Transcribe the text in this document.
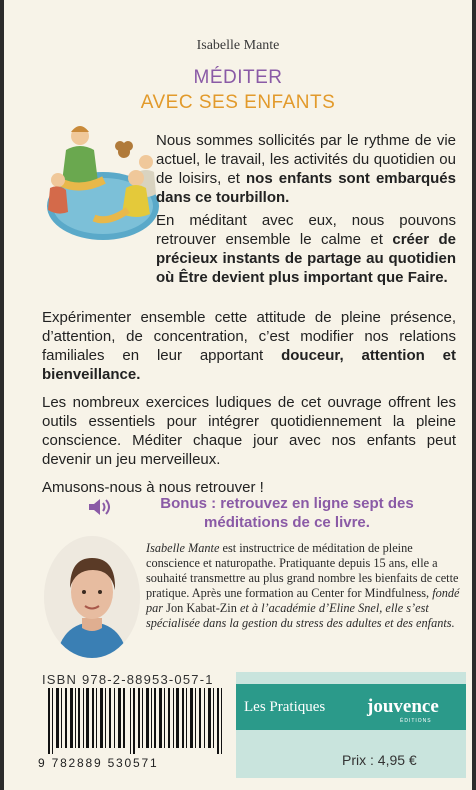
Isabelle Mante
MÉDITER
AVEC SES ENFANTS
Nous sommes sollicités par le rythme de vie actuel, le travail, les activités du quotidien ou de loisirs, et nos enfants sont embarqués dans ce tourbillon.
En méditant avec eux, nous pouvons retrouver ensemble le calme et créer de précieux instants de partage au quotidien où Être devient plus important que Faire.
Expérimenter ensemble cette attitude de pleine présence, d’attention, de concentration, c’est modifier nos relations familiales en leur apportant douceur, attention et bienveillance.
Les nombreux exercices ludiques de cet ouvrage offrent les outils essentiels pour intégrer quotidiennement la pleine conscience. Méditer chaque jour avec nos enfants peut devenir un jeu merveilleux.
Amusons-nous à nous retrouver !
Bonus : retrouvez en ligne sept des méditations de ce livre.
Isabelle Mante est instructrice de méditation de pleine conscience et naturopathe. Pratiquante depuis 15 ans, elle a souhaité transmettre au plus grand nombre les bienfaits de cette pratique. Après une formation au Center for Mindfulness, fondé par Jon Kabat-Zin et à l’académie d’Eline Snel, elle s’est spécialisée dans la gestion du stress des adultes et des enfants.
ISBN 978-2-88953-057-1
9 782889 530571
Les Pratiques jouvence
ÉDITIONS
Prix : 4,95 €
